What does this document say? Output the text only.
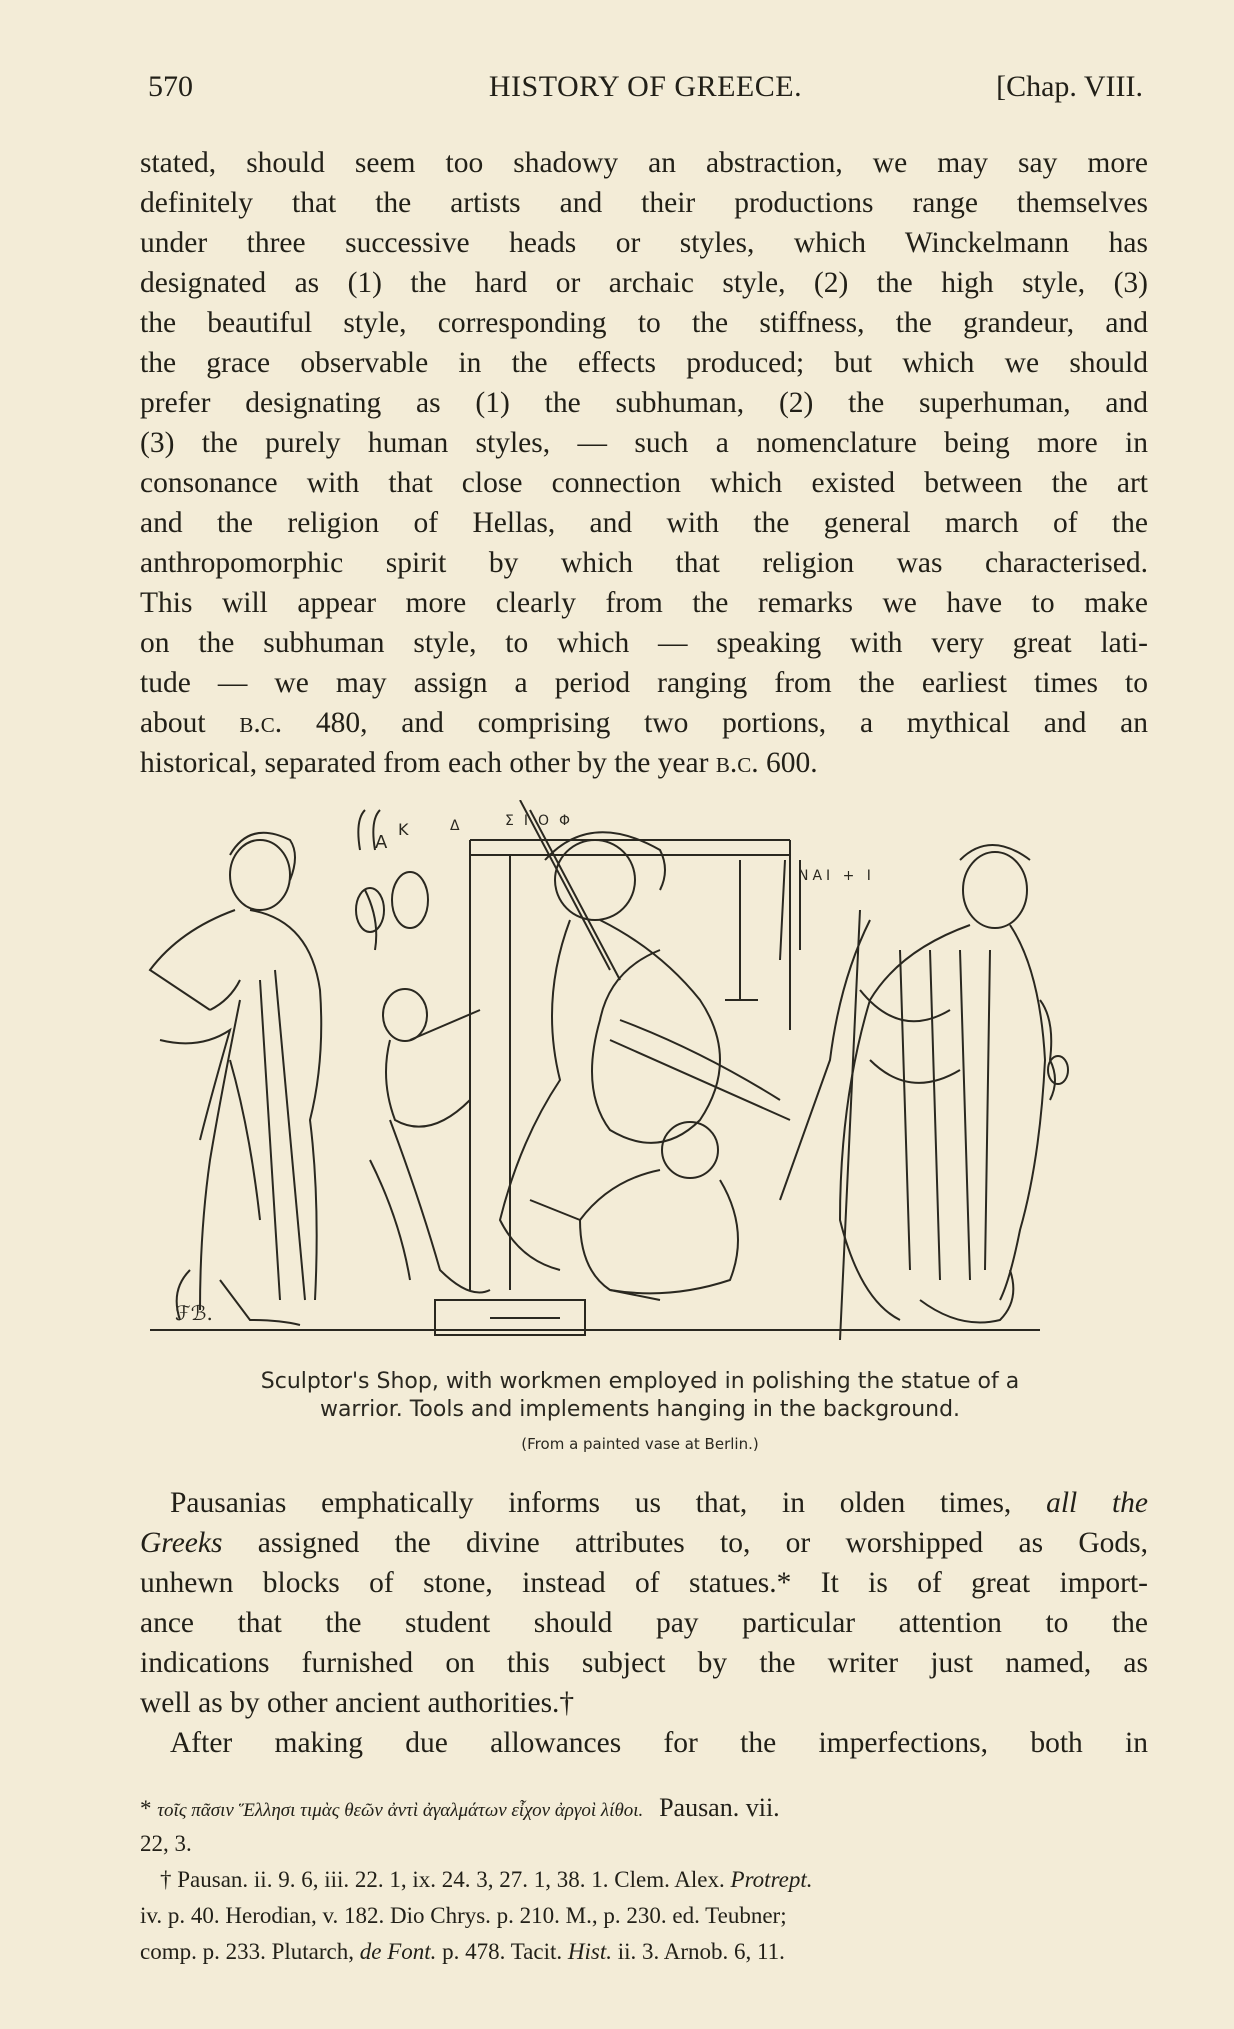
570	HISTORY OF GREECE.	[Chap. VIII.
stated, should seem too shadowy an abstraction, we may say more
definitely that the artists and their productions range themselves
under three successive heads or styles, which Winckelmann has
designated as (1) the hard or archaic style, (2) the high style, (3)
the beautiful style, corresponding to the stiffness, the grandeur, and
the grace observable in the effects produced; but which we should
prefer designating as (1) the subhuman, (2) the superhuman, and
(3) the purely human styles, — such a nomenclature being more in
consonance with that close connection which existed between the art
and the religion of Hellas, and with the general march of the
anthropomorphic spirit by which that religion was characterised.
This will appear more clearly from the remarks we have to make
on the subhuman style, to which — speaking with very great lati-
tude — we may assign a period ranging from the earliest times to
about b.c. 480, and comprising two portions, a mythical and an
historical, separated from each other by the year b.c. 600.
A
K	Δ	ΣΙΟΦ
NAI + I
ℱℬ.
Sculptor's Shop, with workmen employed in polishing the statue of a
warrior. Tools and implements hanging in the background.
(From a painted vase at Berlin.)
Pausanias emphatically informs us that, in olden times, all the
Greeks assigned the divine attributes to, or worshipped as Gods,
unhewn blocks of stone, instead of statues.* It is of great import-
ance that the student should pay particular attention to the
indications furnished on this subject by the writer just named, as
well as by other ancient authorities.†
After making due allowances for the imperfections, both in
* τοῖς πᾶσιν Ἕλλησι τιμὰς θεῶν ἀντὶ ἀγαλμάτων εἶχον ἀργοὶ λίθοι. Pausan. vii.
22, 3.
† Pausan. ii. 9. 6, iii. 22. 1, ix. 24. 3, 27. 1, 38. 1. Clem. Alex. Protrept.
iv. p. 40. Herodian, v. 182. Dio Chrys. p. 210. M., p. 230. ed. Teubner;
comp. p. 233. Plutarch, de Font. p. 478. Tacit. Hist. ii. 3. Arnob. 6, 11.
